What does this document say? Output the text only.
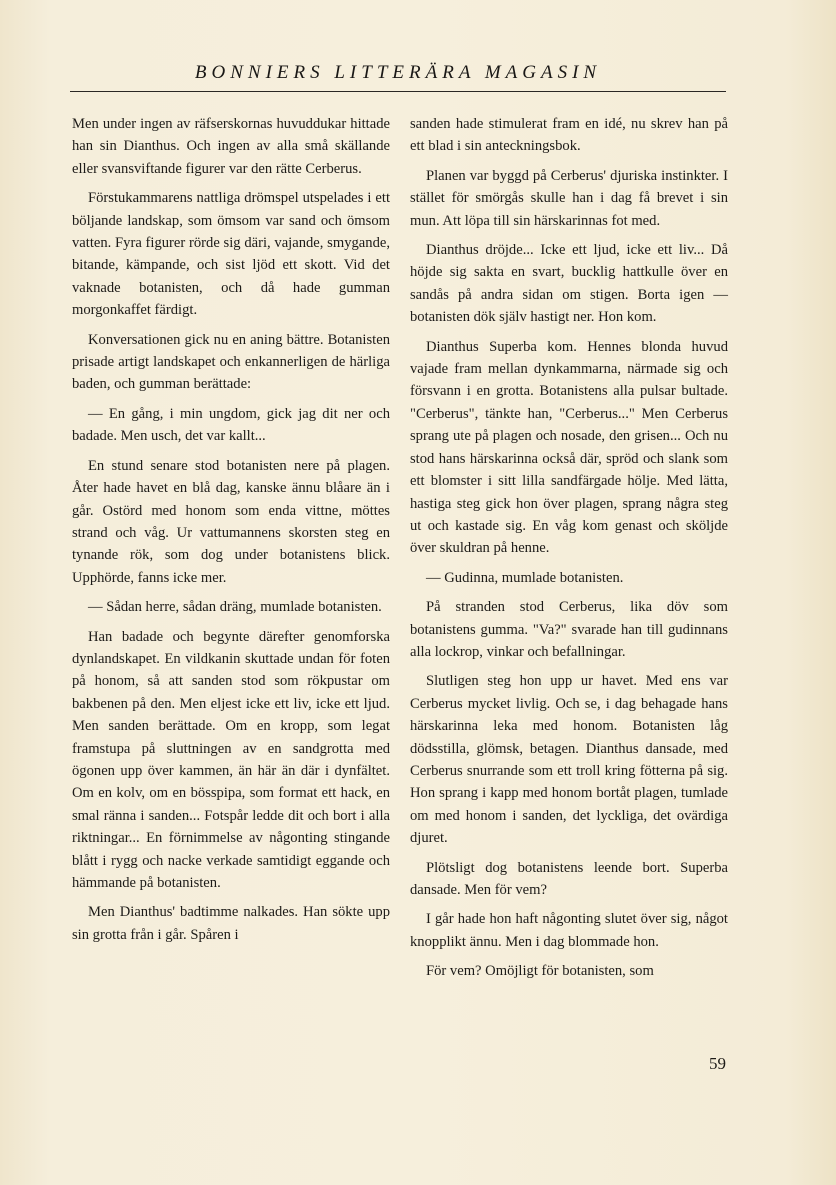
BONNIERS LITTERÄRA MAGASIN

Men under ingen av räfserskornas huvuddukar hittade han sin Dianthus. Och ingen av alla små skällande eller svansviftande figurer var den rätte Cerberus.

Förstukammarens nattliga drömspel utspelades i ett böljande landskap, som ömsom var sand och ömsom vatten. Fyra figurer rörde sig däri, vajande, smygande, bitande, kämpande, och sist ljöd ett skott. Vid det vaknade botanisten, och då hade gumman morgonkaffet färdigt.

Konversationen gick nu en aning bättre. Botanisten prisade artigt landskapet och enkannerligen de härliga baden, och gumman berättade:

— En gång, i min ungdom, gick jag dit ner och badade. Men usch, det var kallt...

En stund senare stod botanisten nere på plagen. Åter hade havet en blå dag, kanske ännu blåare än i går. Ostörd med honom som enda vittne, möttes strand och våg. Ur vattumannens skorsten steg en tynande rök, som dog under botanistens blick. Upphörde, fanns icke mer.

— Sådan herre, sådan dräng, mumlade botanisten.

Han badade och begynte därefter genomforska dynlandskapet. En vildkanin skuttade undan för foten på honom, så att sanden stod som rökpustar om bakbenen på den. Men eljest icke ett liv, icke ett ljud. Men sanden berättade. Om en kropp, som legat framstupa på sluttningen av en sandgrotta med ögonen upp över kammen, än här än där i dynfältet. Om en kolv, om en bösspipa, som format ett hack, en smal ränna i sanden... Fotspår ledde dit och bort i alla riktningar... En förnimmelse av någonting stingande blått i rygg och nacke verkade samtidigt eggande och hämmande på botanisten.

Men Dianthus' badtimme nalkades. Han sökte upp sin grotta från i går. Spåren i

sanden hade stimulerat fram en idé, nu skrev han på ett blad i sin anteckningsbok.

Planen var byggd på Cerberus' djuriska instinkter. I stället för smörgås skulle han i dag få brevet i sin mun. Att löpa till sin härskarinnas fot med.

Dianthus dröjde... Icke ett ljud, icke ett liv... Då höjde sig sakta en svart, bucklig hattkulle över en sandås på andra sidan om stigen. Borta igen — botanisten dök själv hastigt ner. Hon kom.

Dianthus Superba kom. Hennes blonda huvud vajade fram mellan dynkammarna, närmade sig och försvann i en grotta. Botanistens alla pulsar bultade. "Cerberus", tänkte han, "Cerberus..." Men Cerberus sprang ute på plagen och nosade, den grisen... Och nu stod hans härskarinna också där, spröd och slank som ett blomster i sitt lilla sandfärgade hölje. Med lätta, hastiga steg gick hon över plagen, sprang några steg ut och kastade sig. En våg kom genast och sköljde över skuldran på henne.

— Gudinna, mumlade botanisten.

På stranden stod Cerberus, lika döv som botanistens gumma. "Va?" svarade han till gudinnans alla lockrop, vinkar och befallningar.

Slutligen steg hon upp ur havet. Med ens var Cerberus mycket livlig. Och se, i dag behagade hans härskarinna leka med honom. Botanisten låg dödsstilla, glömsk, betagen. Dianthus dansade, med Cerberus snurrande som ett troll kring fötterna på sig. Hon sprang i kapp med honom bortåt plagen, tumlade om med honom i sanden, det lyckliga, det ovärdiga djuret.

Plötsligt dog botanistens leende bort. Superba dansade. Men för vem?

I går hade hon haft någonting slutet över sig, något knopplikt ännu. Men i dag blommade hon.

För vem? Omöjligt för botanisten, som

59
